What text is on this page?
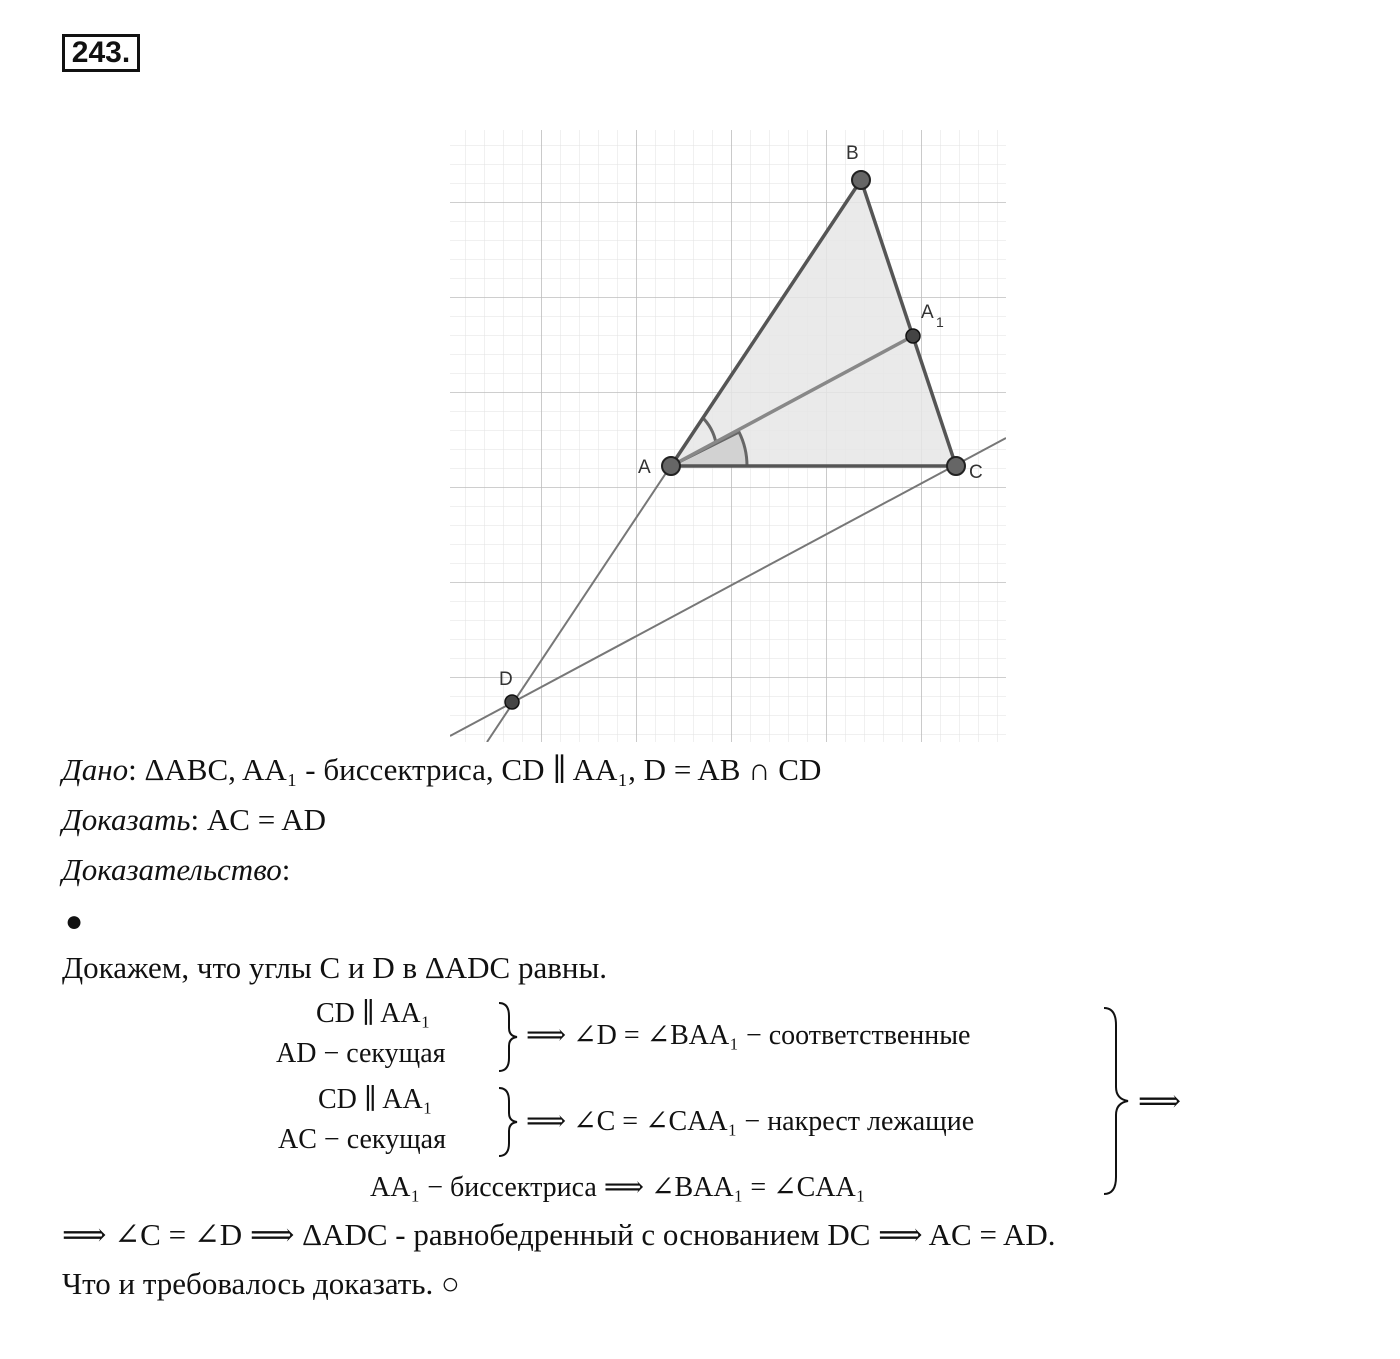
243.
A
B
C
D
A 1
Дано: ΔABC, AA₁ - биссектриса, CD ∥ AA₁, D = AB ∩ CD
Доказать: AC = AD
Доказательство:
●
Докажем, что углы C и D в ΔADC равны.
CD ∥ AA₁
AD − секущая
⟹ ∠D = ∠BAA₁ − соответственные
CD ∥ AA₁
AC − секущая
⟹ ∠C = ∠CAA₁ − накрест лежащие
AA₁ − биссектриса ⟹ ∠BAA₁ = ∠CAA₁
⟹
⟹ ∠C = ∠D ⟹ ΔADC - равнобедренный с основанием DC ⟹ AC = AD.
Что и требовалось доказать. ○
